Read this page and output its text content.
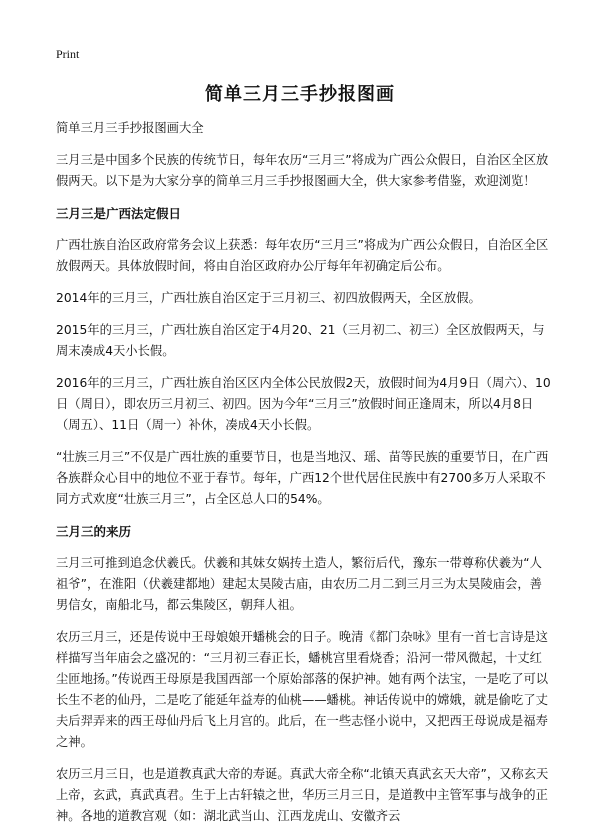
Print
简单三月三手抄报图画

简单三月三手抄报图画大全

三月三是中国多个民族的传统节日，每年农历“三月三”将成为广西公众假日，自治区全区放假两天。以下是为大家分享的简单三月三手抄报图画大全，供大家参考借鉴，欢迎浏览！

三月三是广西法定假日

广西壮族自治区政府常务会议上获悉：每年农历“三月三”将成为广西公众假日，自治区全区放假两天。具体放假时间，将由自治区政府办公厅每年年初确定后公布。

2014年的三月三，广西壮族自治区定于三月初三、初四放假两天，全区放假。

2015年的三月三，广西壮族自治区定于4月20、21（三月初二、初三）全区放假两天，与周末凑成4天小长假。

2016年的三月三，广西壮族自治区区内全体公民放假2天，放假时间为4月9日（周六）、10日（周日），即农历三月初三、初四。因为今年“三月三”放假时间正逢周末，所以4月8日（周五）、11日（周一）补休，凑成4天小长假。

“壮族三月三”不仅是广西壮族的重要节日，也是当地汉、瑶、苗等民族的重要节日，在广西各族群众心目中的地位不亚于春节。每年，广西12个世代居住民族中有2700多万人采取不同方式欢度“壮族三月三”，占全区总人口的54%。

三月三的来历

三月三可推到追念伏羲氏。伏羲和其妹女娲抟土造人，繁衍后代，豫东一带尊称伏羲为“人祖爷”，在淮阳（伏羲建都地）建起太昊陵古庙，由农历二月二到三月三为太昊陵庙会，善男信女，南船北马，都云集陵区，朝拜人祖。

农历三月三，还是传说中王母娘娘开蟠桃会的日子。晚清《都门杂咏》里有一首七言诗是这样描写当年庙会之盛况的：“三月初三春正长，蟠桃宫里看烧香；沿河一带风微起，十丈红尘匝地扬。”传说西王母原是我国西部一个原始部落的保护神。她有两个法宝，一是吃了可以长生不老的仙丹，二是吃了能延年益寿的仙桃——蟠桃。神话传说中的嫦娥，就是偷吃了丈夫后羿弄来的西王母仙丹后飞上月宫的。此后，在一些志怪小说中，又把西王母说成是福寿之神。

农历三月三日，也是道教真武大帝的寿诞。真武大帝全称“北镇天真武玄天大帝”，又称玄天上帝，玄武，真武真君。生于上古轩辕之世，华历三月三日，是道教中主管军事与战争的正神。各地的道教宫观（如：湖北武当山、江西龙虎山、安徽齐云
